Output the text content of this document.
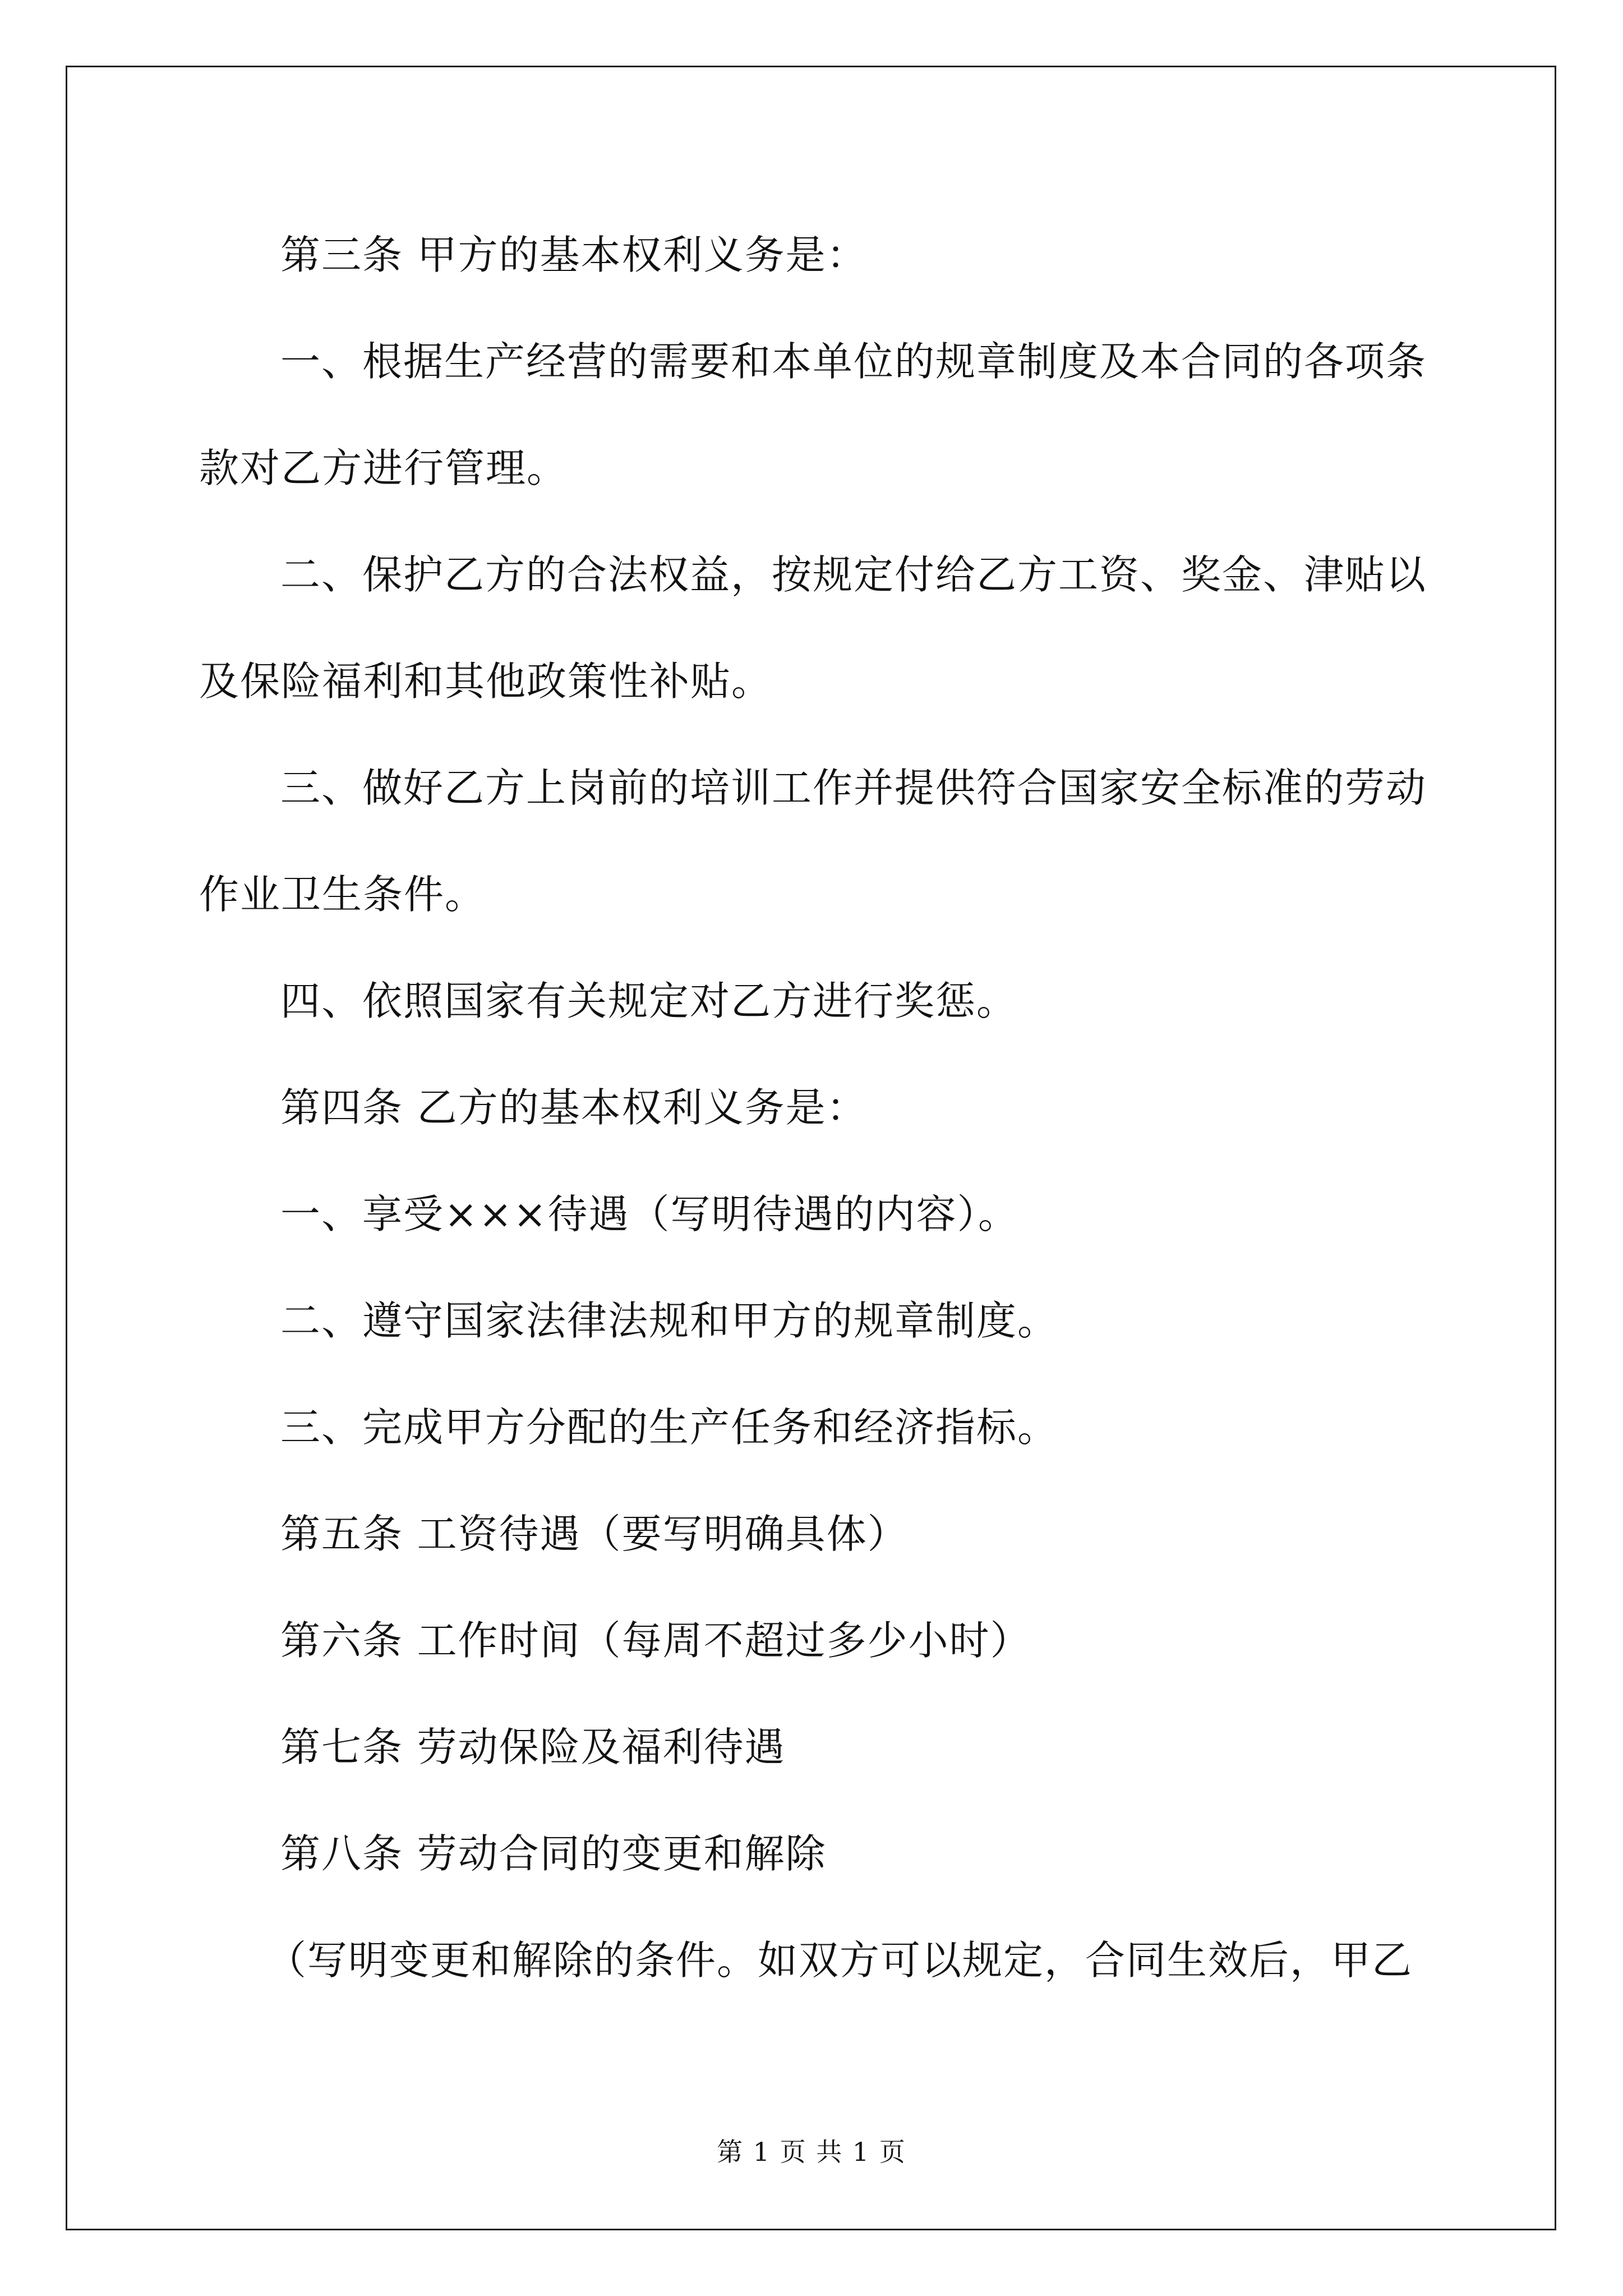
第三条 甲方的基本权利义务是：
一、根据生产经营的需要和本单位的规章制度及本合同的各项条
款对乙方进行管理。
二、保护乙方的合法权益，按规定付给乙方工资、奖金、津贴以
及保险福利和其他政策性补贴。
三、做好乙方上岗前的培训工作并提供符合国家安全标准的劳动
作业卫生条件。
四、依照国家有关规定对乙方进行奖惩。
第四条 乙方的基本权利义务是：
一、享受×××待遇（写明待遇的内容）。
二、遵守国家法律法规和甲方的规章制度。
三、完成甲方分配的生产任务和经济指标。
第五条 工资待遇（要写明确具体）
第六条 工作时间（每周不超过多少小时）
第七条 劳动保险及福利待遇
第八条 劳动合同的变更和解除
（写明变更和解除的条件。如双方可以规定，合同生效后，甲乙
第 1 页 共 1 页
